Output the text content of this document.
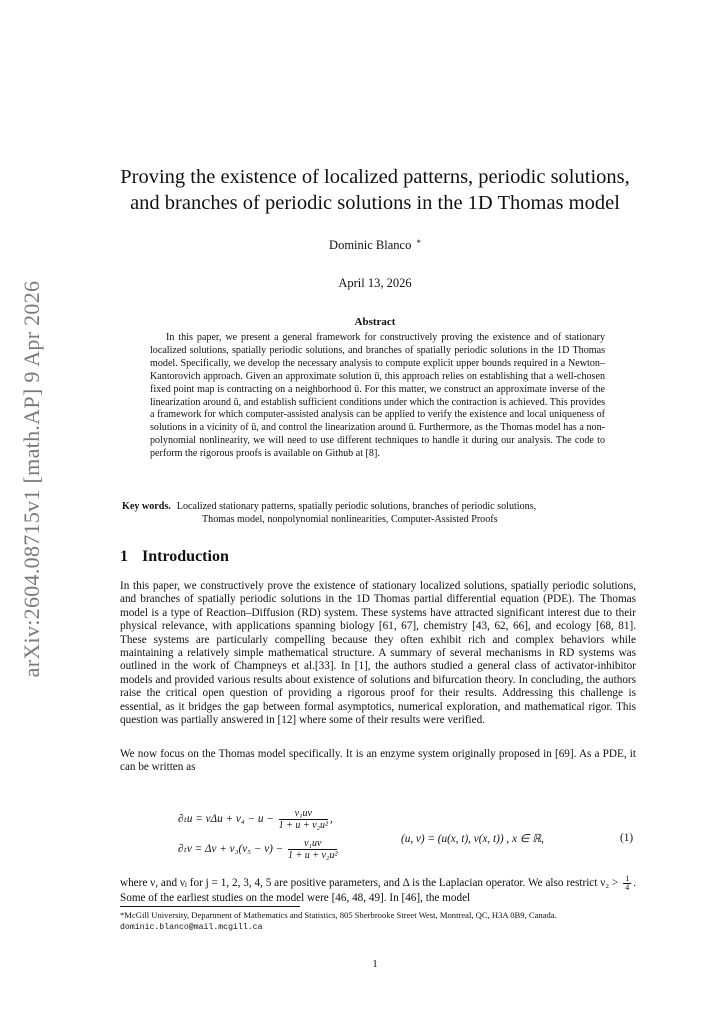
arXiv:2604.08715v1 [math.AP] 9 Apr 2026
Proving the existence of localized patterns, periodic solutions,
and branches of periodic solutions in the 1D Thomas model
Dominic Blanco *
April 13, 2026
Abstract

In this paper, we present a general framework for constructively proving the existence and of stationary localized solutions, spatially periodic solutions, and branches of spatially periodic solutions in the 1D Thomas model. Specifically, we develop the necessary analysis to compute explicit upper bounds required in a Newton–Kantorovich approach. Given an approximate solution ū, this approach relies on establishing that a well-chosen fixed point map is contracting on a neighborhood ū. For this matter, we construct an approximate inverse of the linearization around ū, and establish sufficient conditions under which the contraction is achieved. This provides a framework for which computer-assisted analysis can be applied to verify the existence and local uniqueness of solutions in a vicinity of ū, and control the linearization around ū. Furthermore, as the Thomas model has a non-polynomial nonlinearity, we will need to use different techniques to handle it during our analysis. The code to perform the rigorous proofs is available on Github at [8].

Key words. Localized stationary patterns, spatially periodic solutions, branches of periodic solutions,
Thomas model, nonpolynomial nonlinearities, Computer-Assisted Proofs
1 Introduction
In this paper, we constructively prove the existence of stationary localized solutions, spatially periodic solutions, and branches of spatially periodic solutions in the 1D Thomas partial differential equation (PDE). The Thomas model is a type of Reaction–Diffusion (RD) system. These systems have attracted significant interest due to their physical relevance, with applications spanning biology [61, 67], chemistry [43, 62, 66], and ecology [68, 81]. These systems are particularly compelling because they often exhibit rich and complex behaviors while maintaining a relatively simple mathematical structure. A summary of several mechanisms in RD systems was outlined in the work of Champneys et al.[33]. In [1], the authors studied a general class of activator-inhibitor models and provided various results about existence of solutions and bifurcation theory. In concluding, the authors raise the critical open question of providing a rigorous proof for their results. Addressing this challenge is essential, as it bridges the gap between formal asymptotics, numerical exploration, and mathematical rigor. This question was partially answered in [12] where some of their results were verified.
We now focus on the Thomas model specifically. It is an enzyme system originally proposed in [69]. As a PDE, it can be written as
$\partial_tu = \nu\Delta u + \nu_4 - u - \frac{\text{ν₁uv}}{\text{1 + u + ν₂u²}}$ ,
$\partial_tv = \Delta v + \nu_3(\nu_5 - v) - \frac{\text{ν₁uv}}{\text{1 + u + ν₂u²}}$	(u, v) = (u(x, t), v(x, t)) , x ∈ ℝ,	(1)
where ν, and νⱼ for j = 1, 2, 3, 4, 5 are positive parameters, and Δ is the Laplacian operator. We also restrict $\nu_2 > \frac{1}{4}$ . Some of the earliest studies on the model were [46, 48, 49]. In [46], the model
*McGill University, Department of Mathematics and Statistics, 805 Sherbrooke Street West, Montreal, QC, H3A 0B9, Canada. dominic.blanco@mail.mcgill.ca
1
